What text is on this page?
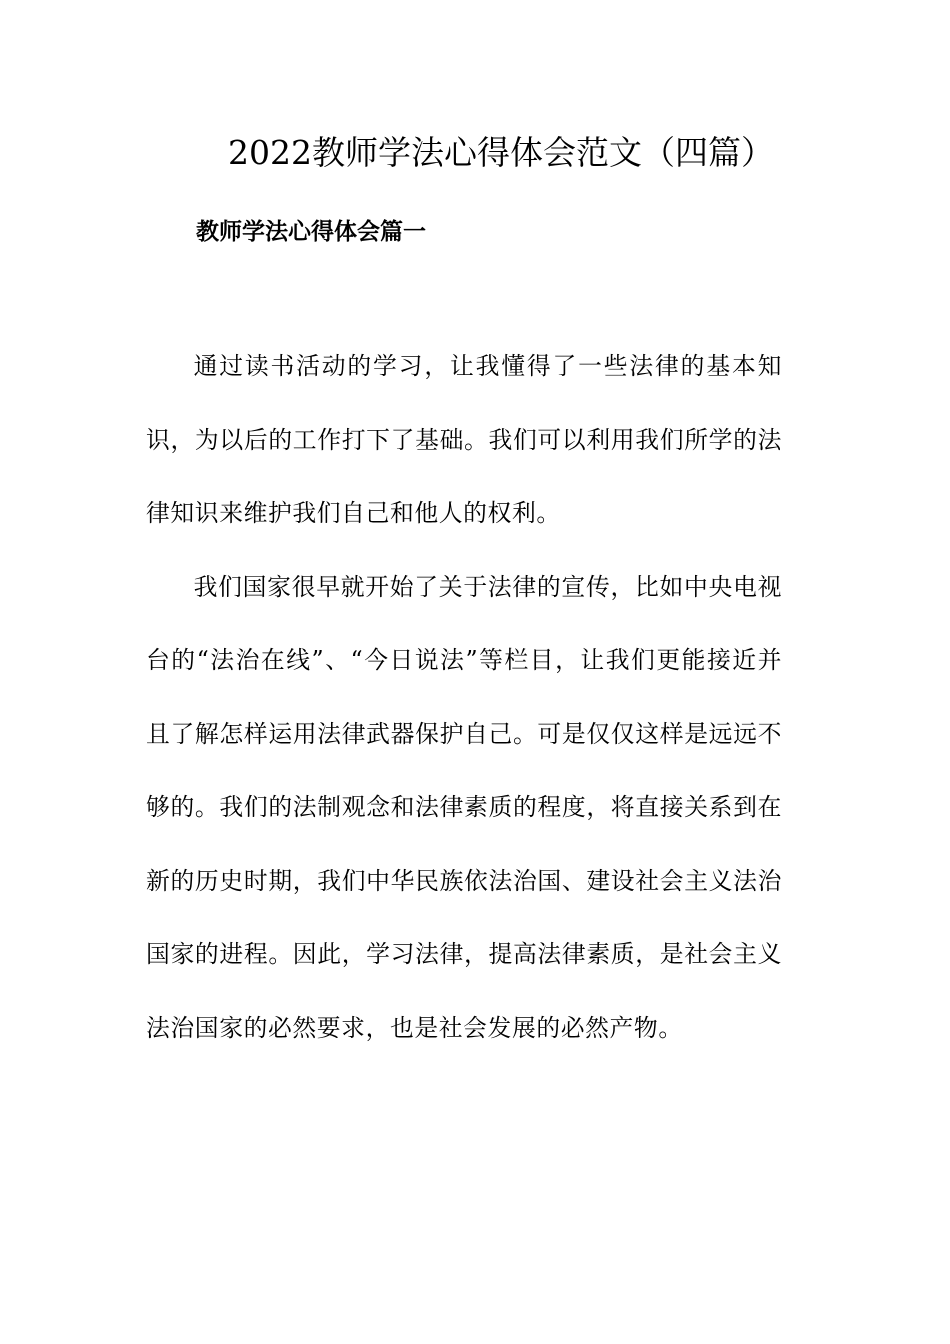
2022教师学法心得体会范文（四篇）
教师学法心得体会篇一

通过读书活动的学习，让我懂得了一些法律的基本知识，为以后的工作打下了基础。我们可以利用我们所学的法律知识来维护我们自己和他人的权利。

我们国家很早就开始了关于法律的宣传，比如中央电视台的“法治在线”、“今日说法”等栏目，让我们更能接近并且了解怎样运用法律武器保护自己。可是仅仅这样是远远不够的。我们的法制观念和法律素质的程度，将直接关系到在新的历史时期，我们中华民族依法治国、建设社会主义法治国家的进程。因此，学习法律，提高法律素质，是社会主义法治国家的必然要求，也是社会发展的必然产物。
